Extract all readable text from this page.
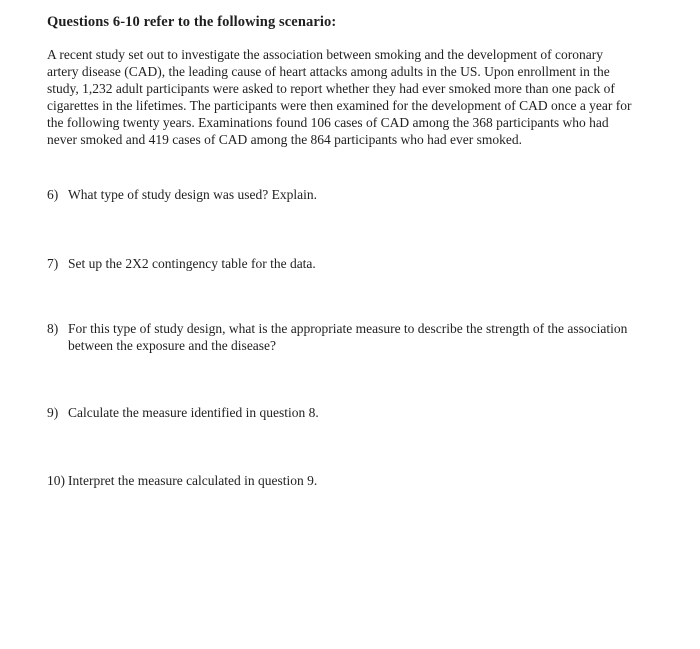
Questions 6-10 refer to the following scenario:

A recent study set out to investigate the association between smoking and the development of coronary artery disease (CAD), the leading cause of heart attacks among adults in the US. Upon enrollment in the study, 1,232 adult participants were asked to report whether they had ever smoked more than one pack of cigarettes in the lifetimes. The participants were then examined for the development of CAD once a year for the following twenty years. Examinations found 106 cases of CAD among the 368 participants who had never smoked and 419 cases of CAD among the 864 participants who had ever smoked.

6) What type of study design was used? Explain.
7) Set up the 2X2 contingency table for the data.
8) For this type of study design, what is the appropriate measure to describe the strength of the association between the exposure and the disease?
9) Calculate the measure identified in question 8.
10) Interpret the measure calculated in question 9.
